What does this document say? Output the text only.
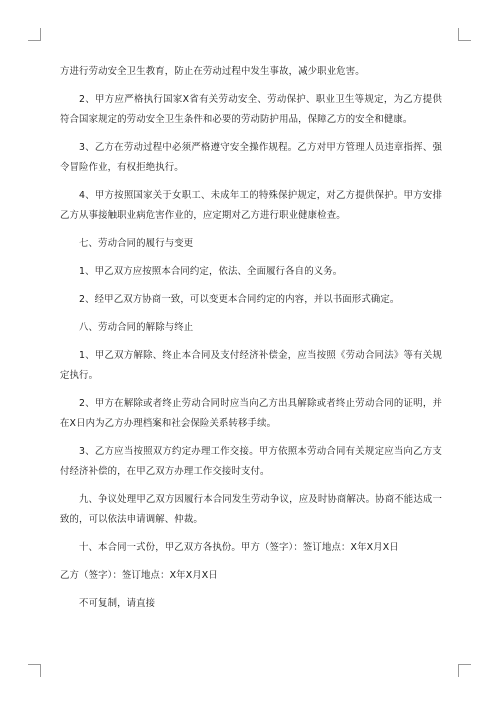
方进行劳动安全卫生教育，防止在劳动过程中发生事故，减少职业危害。

2、甲方应严格执行国家X省有关劳动安全、劳动保护、职业卫生等规定，为乙方提供符合国家规定的劳动安全卫生条件和必要的劳动防护用品，保障乙方的安全和健康。

3、乙方在劳动过程中必须严格遵守安全操作规程。乙方对甲方管理人员违章指挥、强令冒险作业，有权拒绝执行。

4、甲方按照国家关于女职工、未成年工的特殊保护规定，对乙方提供保护。甲方安排乙方从事接触职业病危害作业的，应定期对乙方进行职业健康检查。

七、劳动合同的履行与变更

1、甲乙双方应按照本合同约定，依法、全面履行各自的义务。

2、经甲乙双方协商一致，可以变更本合同约定的内容，并以书面形式确定。

八、劳动合同的解除与终止

1、甲乙双方解除、终止本合同及支付经济补偿金，应当按照《劳动合同法》等有关规定执行。

2、甲方在解除或者终止劳动合同时应当向乙方出具解除或者终止劳动合同的证明，并在X日内为乙方办理档案和社会保险关系转移手续。

3、乙方应当按照双方约定办理工作交接。甲方依照本劳动合同有关规定应当向乙方支付经济补偿的，在甲乙双方办理工作交接时支付。

九、争议处理甲乙双方因履行本合同发生劳动争议，应及时协商解决。协商不能达成一致的，可以依法申请调解、仲裁。

十、本合同一式份，甲乙双方各执份。甲方（签字）：签订地点：X年X月X日

乙方（签字）：签订地点：X年X月X日

不可复制，请直接
